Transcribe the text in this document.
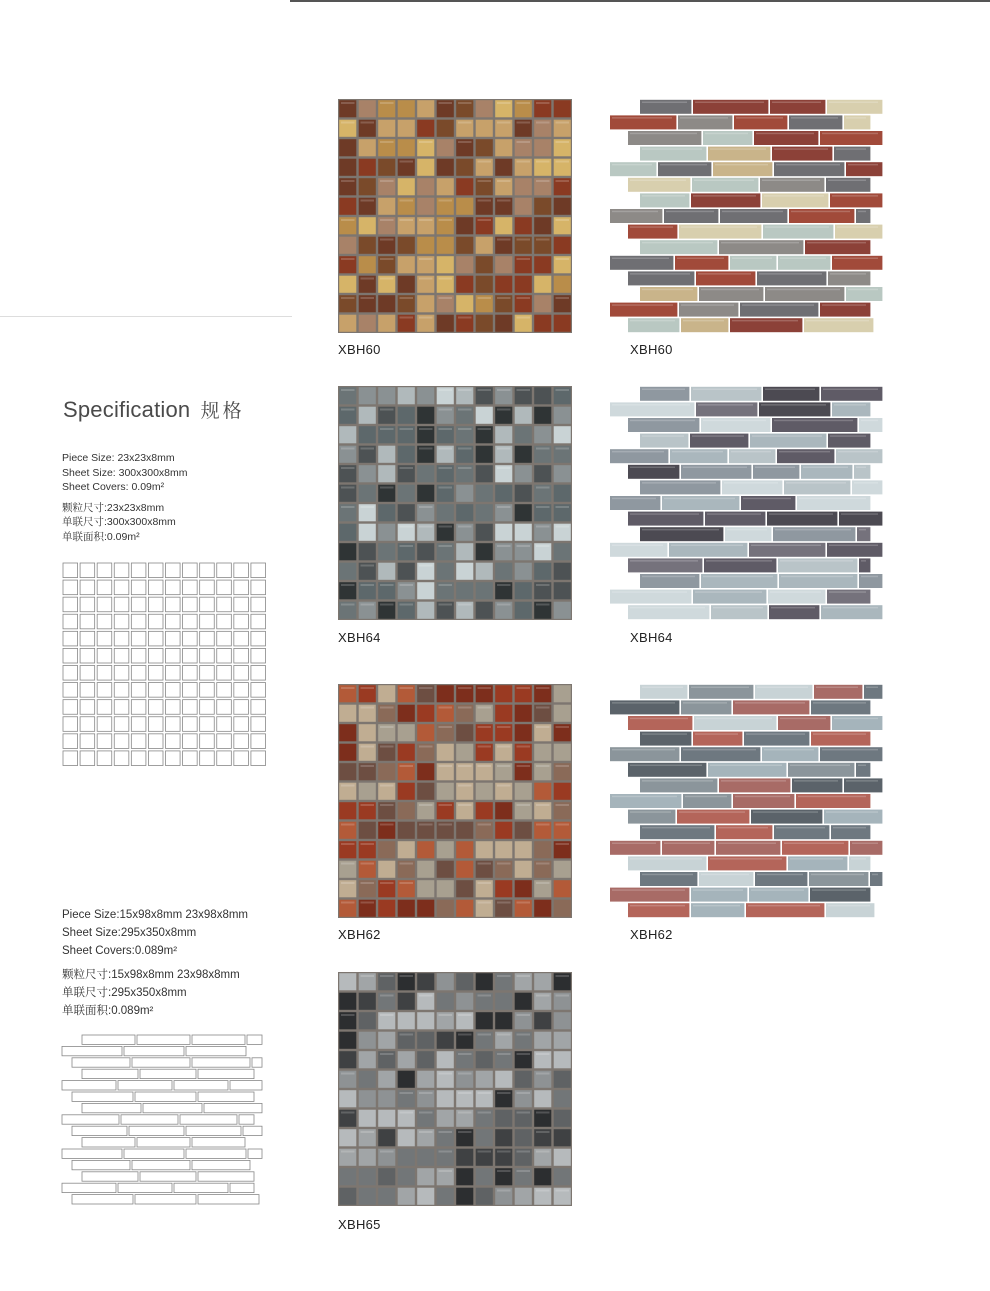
Specification 规格
Piece Size: 23x23x8mm
Sheet Size: 300x300x8mm
Sheet Covers: 0.09m²
颗粒尺寸:23x23x8mm
单联尺寸:300x300x8mm
单联面积:0.09m²
Piece Size:15x98x8mm 23x98x8mm
Sheet Size:295x350x8mm
Sheet Covers:0.089m²
颗粒尺寸:15x98x8mm 23x98x8mm
单联尺寸:295x350x8mm
单联面积:0.089m²
XBH60	XBH60
XBH64	XBH64
XBH62	XBH62
XBH65
